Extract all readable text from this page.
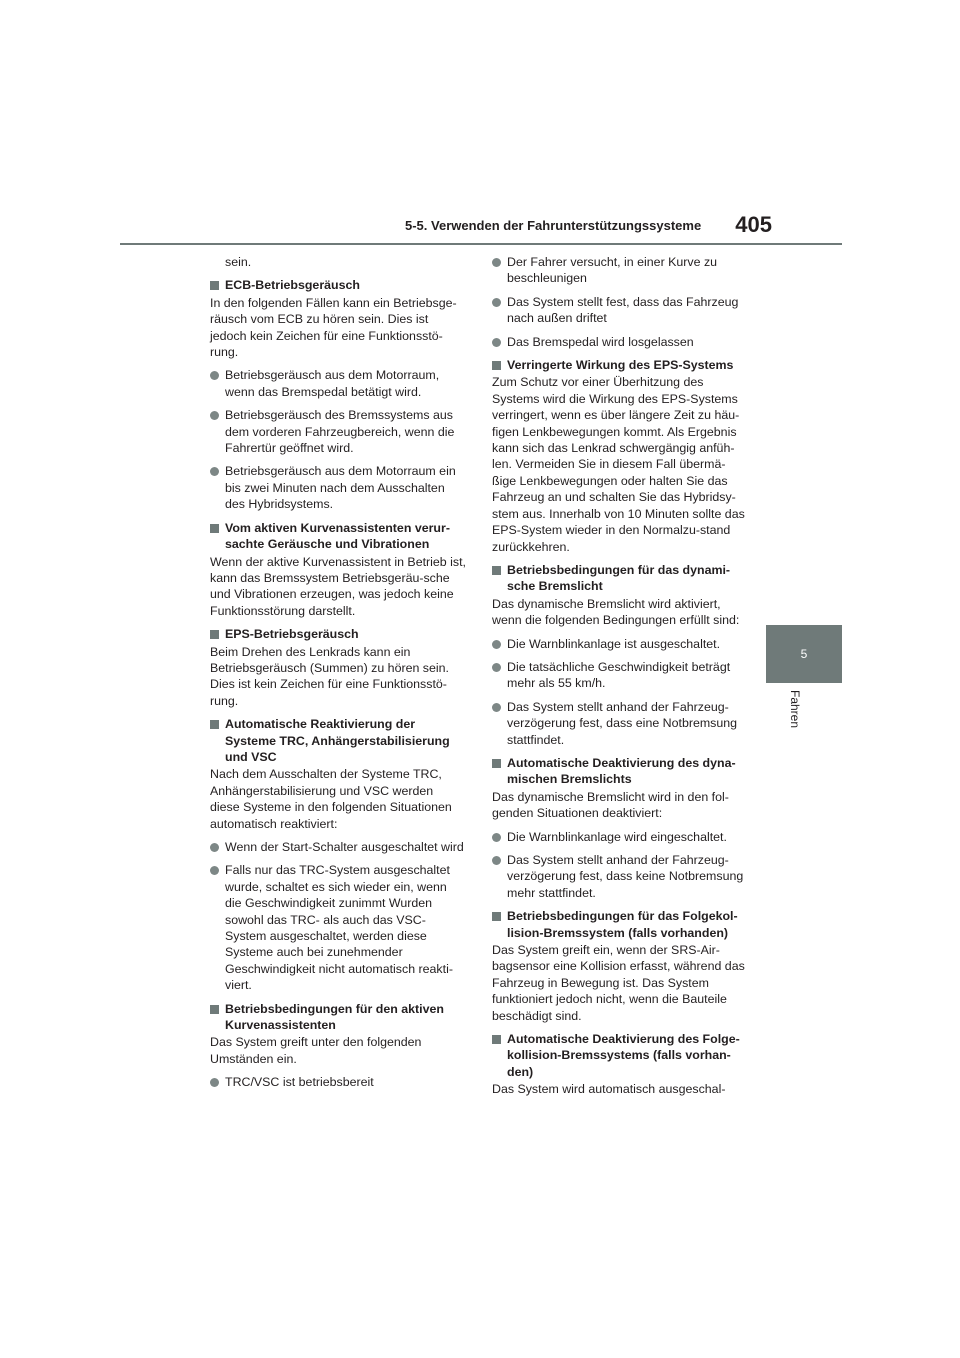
5-5. Verwenden der Fahrunterstützungssysteme	405
5
Fahren
sein.
ECB-Betriebsgeräusch
In den folgenden Fällen kann ein Betriebsge-räusch vom ECB zu hören sein. Dies ist jedoch kein Zeichen für eine Funktionsstö-rung.
Betriebsgeräusch aus dem Motorraum, wenn das Bremspedal betätigt wird.
Betriebsgeräusch des Bremssystems aus dem vorderen Fahrzeugbereich, wenn die Fahrertür geöffnet wird.
Betriebsgeräusch aus dem Motorraum ein bis zwei Minuten nach dem Ausschalten des Hybridsystems.
Vom aktiven Kurvenassistenten verur-sachte Geräusche und Vibrationen
Wenn der aktive Kurvenassistent in Betrieb ist, kann das Bremssystem Betriebsgeräu-sche und Vibrationen erzeugen, was jedoch keine Funktionsstörung darstellt.
EPS-Betriebsgeräusch
Beim Drehen des Lenkrads kann ein Betriebsgeräusch (Summen) zu hören sein. Dies ist kein Zeichen für eine Funktionsstö-rung.
Automatische Reaktivierung der Systeme TRC, Anhängerstabilisierung und VSC
Nach dem Ausschalten der Systeme TRC, Anhängerstabilisierung und VSC werden diese Systeme in den folgenden Situationen automatisch reaktiviert:
Wenn der Start-Schalter ausgeschaltet wird
Falls nur das TRC-System ausgeschaltet wurde, schaltet es sich wieder ein, wenn die Geschwindigkeit zunimmt Wurden sowohl das TRC- als auch das VSC-System ausgeschaltet, werden diese Systeme auch bei zunehmender Geschwindigkeit nicht automatisch reakti-viert.
Betriebsbedingungen für den aktiven Kurvenassistenten
Das System greift unter den folgenden Umständen ein.
TRC/VSC ist betriebsbereit
Der Fahrer versucht, in einer Kurve zu beschleunigen
Das System stellt fest, dass das Fahrzeug nach außen driftet
Das Bremspedal wird losgelassen
Verringerte Wirkung des EPS-Systems
Zum Schutz vor einer Überhitzung des Systems wird die Wirkung des EPS-Systems verringert, wenn es über längere Zeit zu häu-figen Lenkbewegungen kommt. Als Ergebnis kann sich das Lenkrad schwergängig anfüh-len. Vermeiden Sie in diesem Fall übermä-ßige Lenkbewegungen oder halten Sie das Fahrzeug an und schalten Sie das Hybridsy-stem aus. Innerhalb von 10 Minuten sollte das EPS-System wieder in den Normalzu-stand zurückkehren.
Betriebsbedingungen für das dynami-sche Bremslicht
Das dynamische Bremslicht wird aktiviert, wenn die folgenden Bedingungen erfüllt sind:
Die Warnblinkanlage ist ausgeschaltet.
Die tatsächliche Geschwindigkeit beträgt mehr als 55 km/h.
Das System stellt anhand der Fahrzeug-verzögerung fest, dass eine Notbremsung stattfindet.
Automatische Deaktivierung des dyna-mischen Bremslichts
Das dynamische Bremslicht wird in den fol-genden Situationen deaktiviert:
Die Warnblinkanlage wird eingeschaltet.
Das System stellt anhand der Fahrzeug-verzögerung fest, dass keine Notbremsung mehr stattfindet.
Betriebsbedingungen für das Folgekol-lision-Bremssystem (falls vorhanden)
Das System greift ein, wenn der SRS-Air-bagsensor eine Kollision erfasst, während das Fahrzeug in Bewegung ist. Das System funktioniert jedoch nicht, wenn die Bauteile beschädigt sind.
Automatische Deaktivierung des Folge-kollision-Bremssystems (falls vorhan-den)
Das System wird automatisch ausgeschal-
